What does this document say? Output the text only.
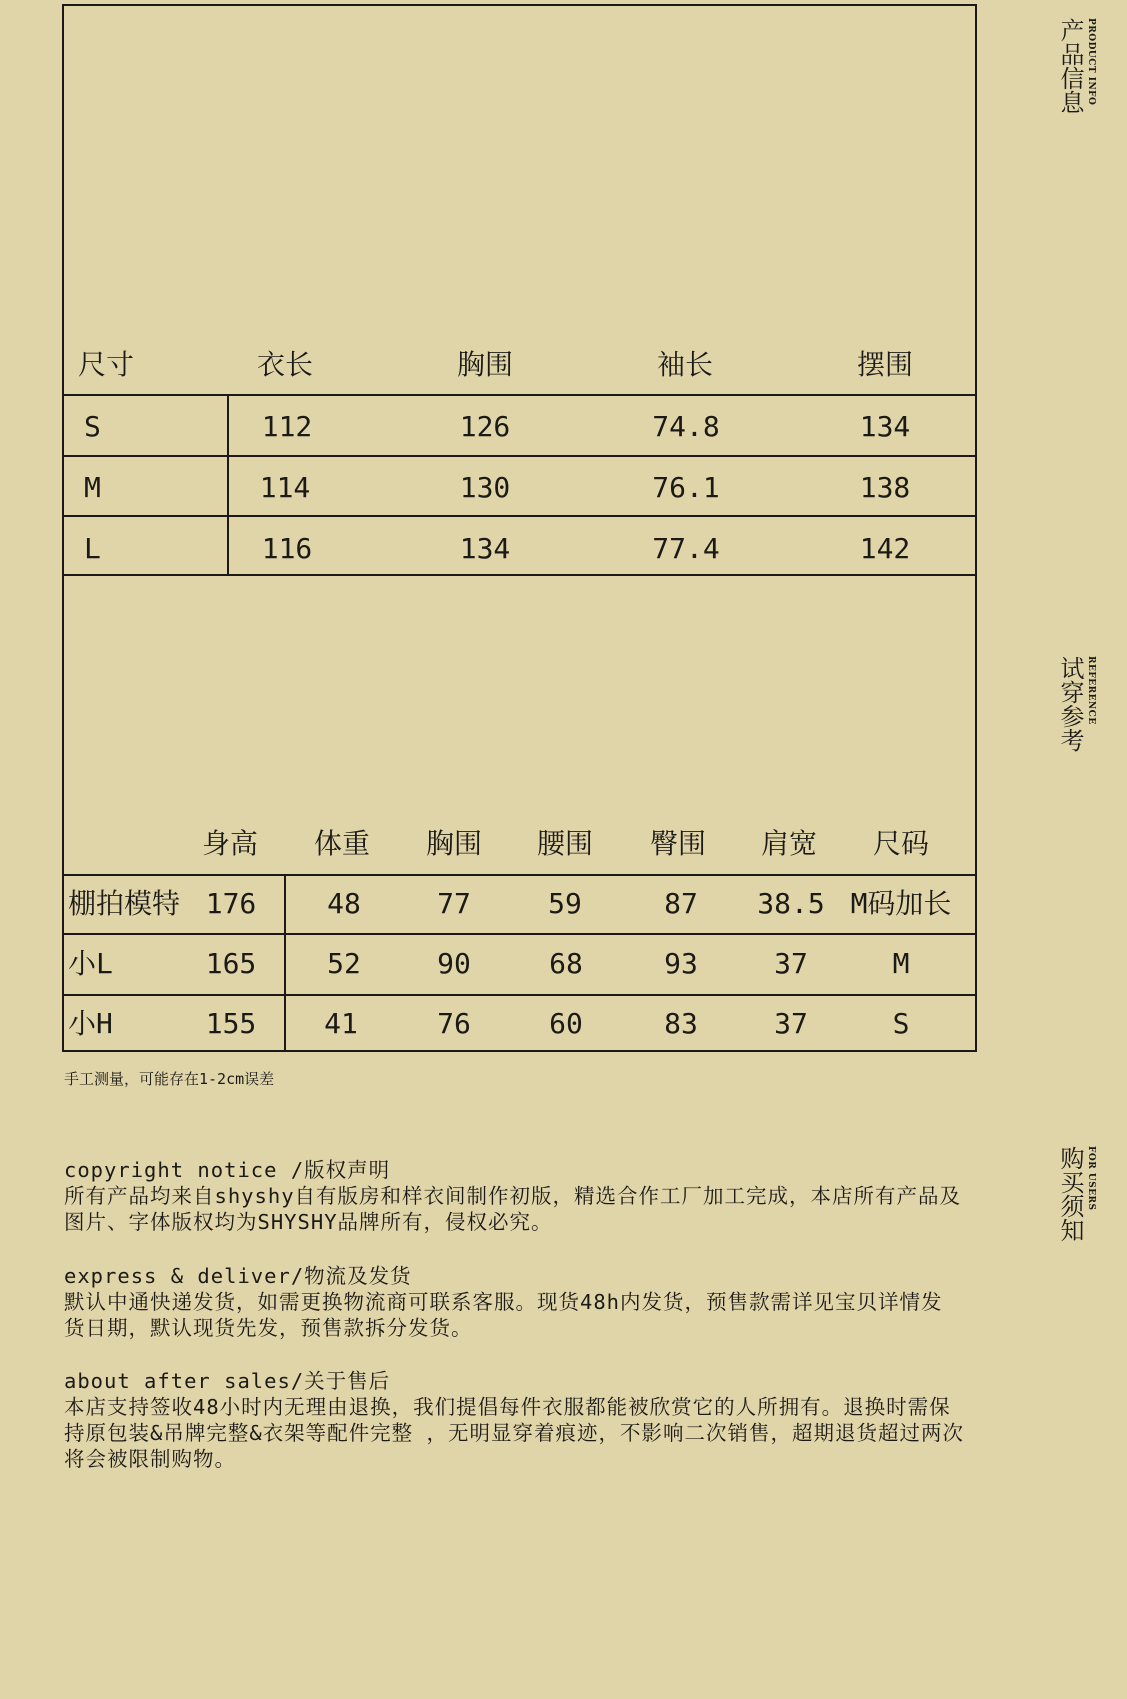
产品信息 PRODUCT INFO
试穿参考 REFERENCE
购买须知 FOR USERS
尺寸	衣长	胸围	袖长	摆围
S	112	126	74.8	134
M	114	130	76.1	138
L	116	134	77.4	142
身高 体重 胸围 腰围 臀围 肩宽 尺码
棚拍模特 176	48	77	59	87 38.5 M码加长
小L	165	52	90	68	93	37	M
小H	155 41	76	60	83	37	S
手工测量，可能存在1-2cm误差

copyright notice /版权声明

所有产品均来自shyshy自有版房和样衣间制作初版，精选合作工厂加工完成，本店所有产品及

图片、字体版权均为SHYSHY品牌所有，侵权必究。

express & deliver/物流及发货

默认中通快递发货，如需更换物流商可联系客服。现货48h内发货，预售款需详见宝贝详情发

货日期，默认现货先发，预售款拆分发货。

about after sales/关于售后

本店支持签收48小时内无理由退换，我们提倡每件衣服都能被欣赏它的人所拥有。退换时需保

持原包装&吊牌完整&衣架等配件完整 ，无明显穿着痕迹，不影响二次销售，超期退货超过两次

将会被限制购物。
